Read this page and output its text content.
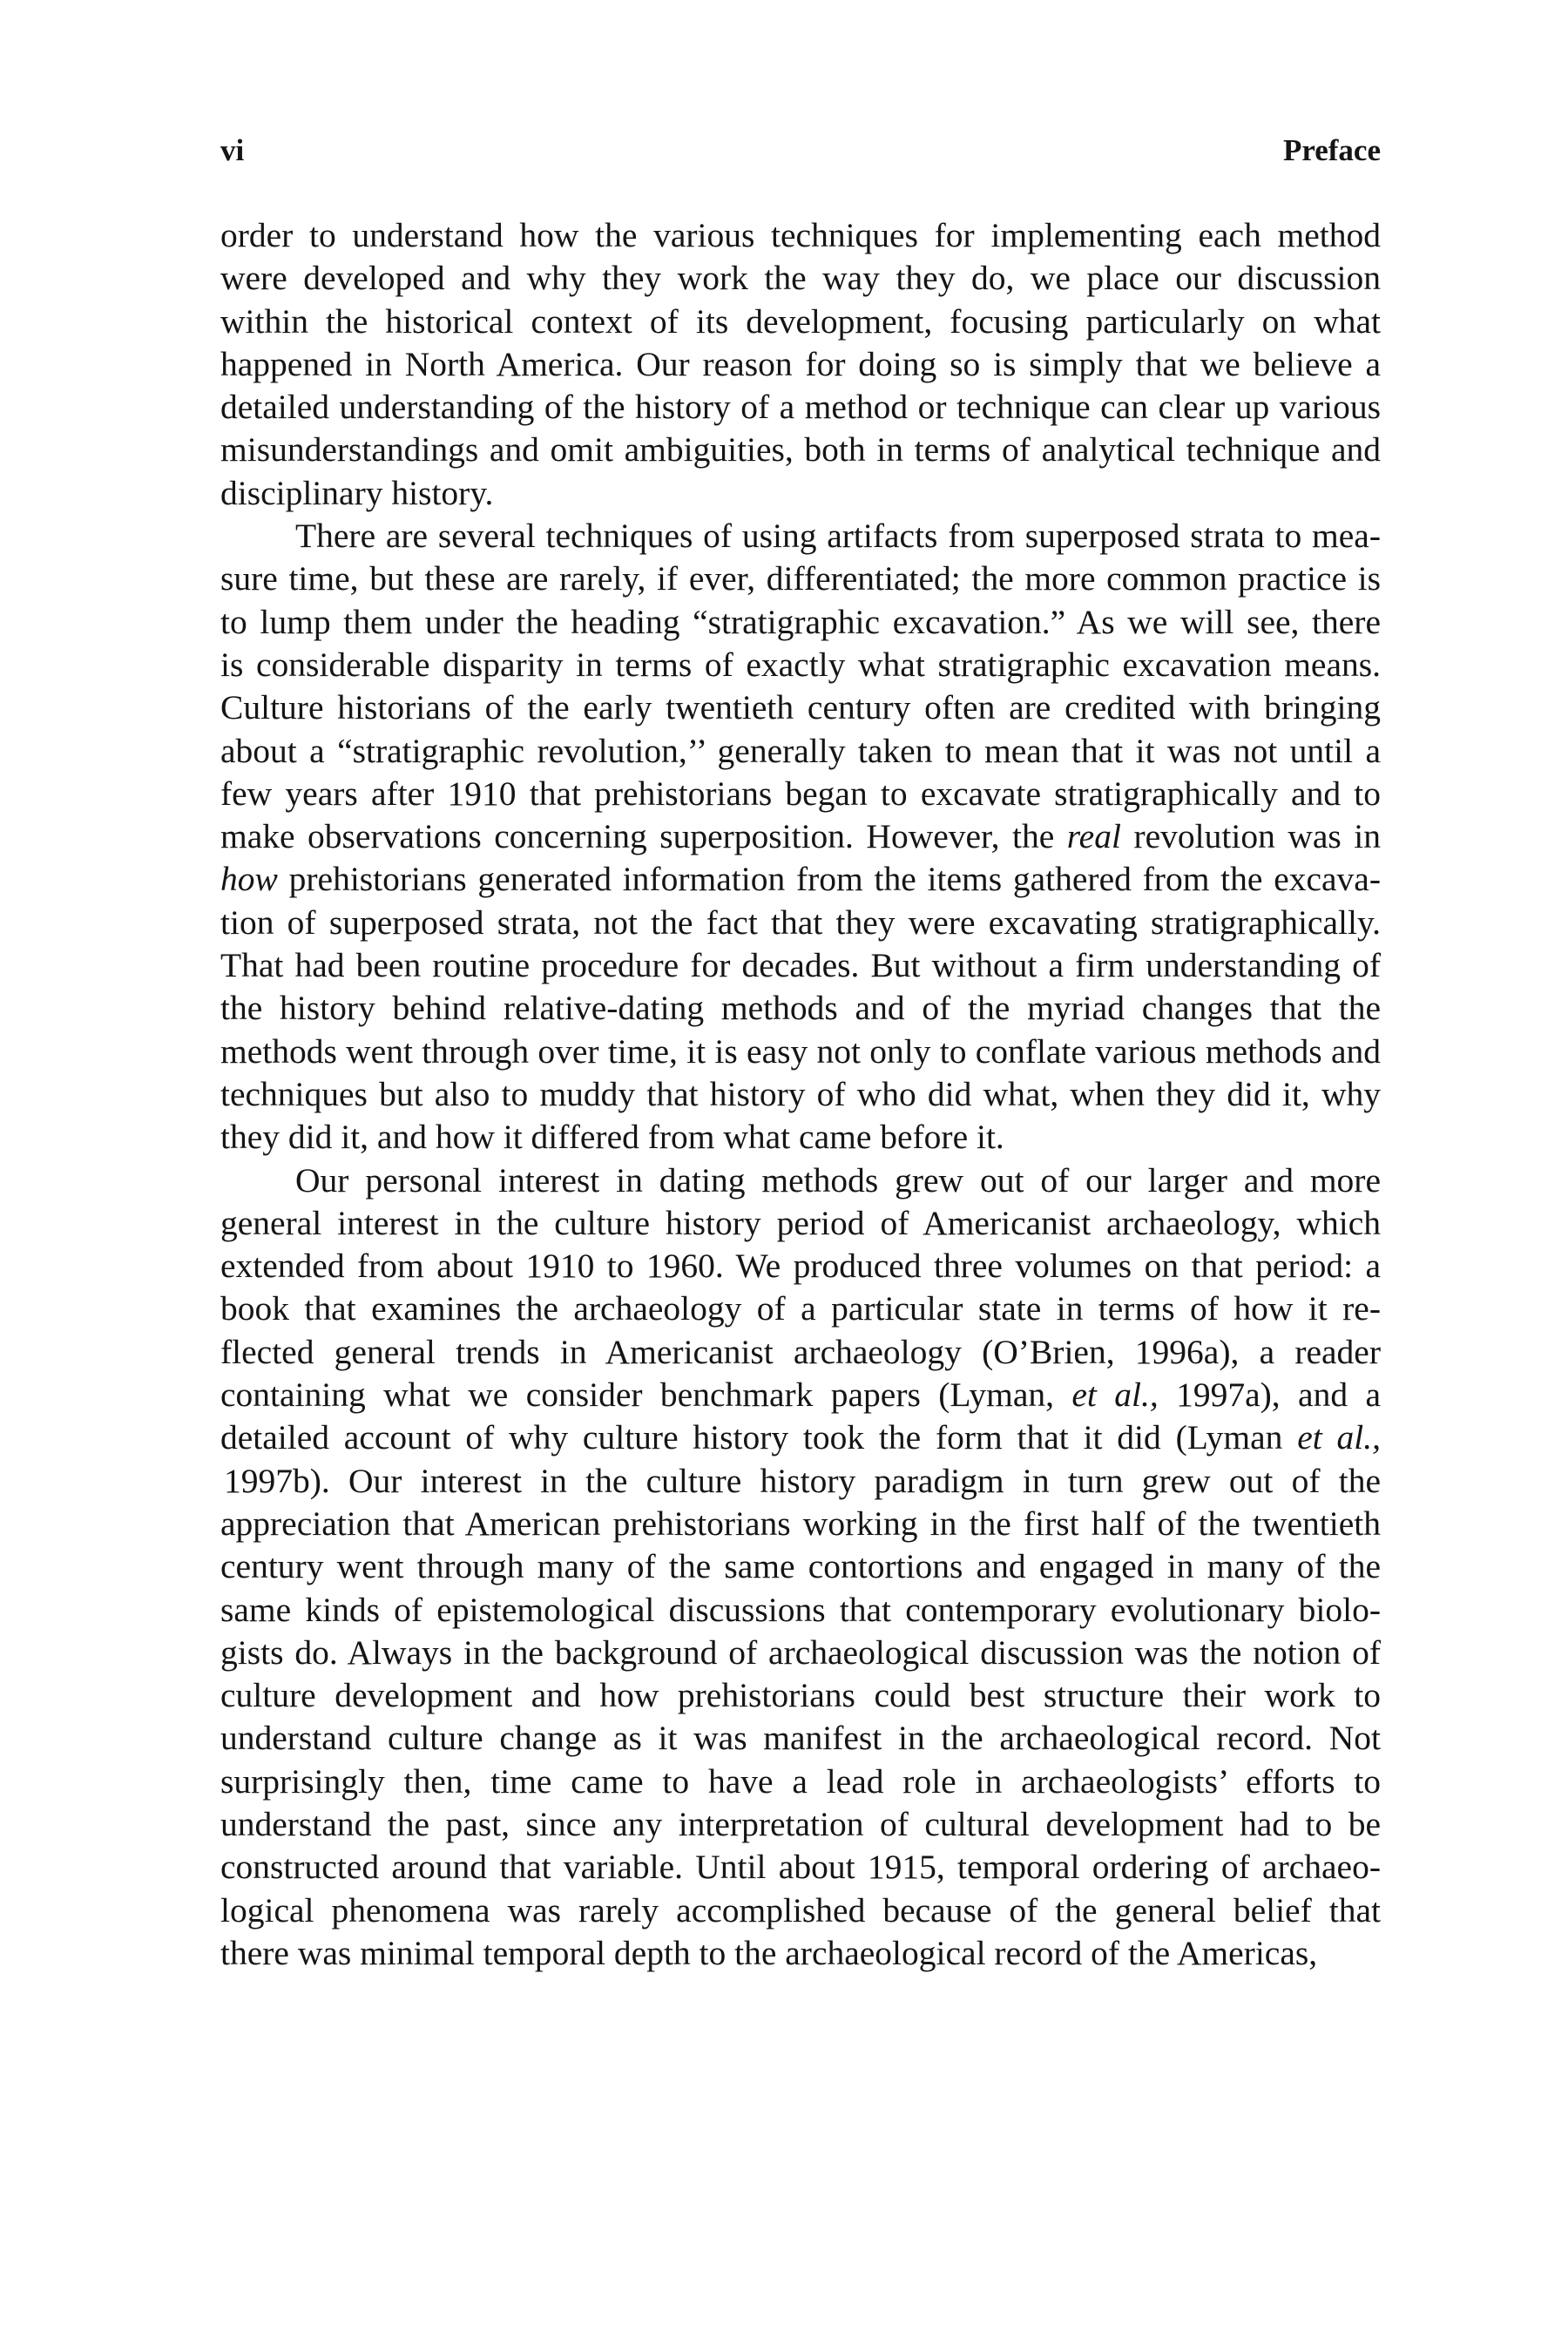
vi	Preface
order to understand how the various techniques for implementing each method
were developed and why they work the way they do, we place our discussion
within the historical context of its development, focusing particularly on what
happened in North America. Our reason for doing so is simply that we believe a
detailed understanding of the history of a method or technique can clear up various
misunderstandings and omit ambiguities, both in terms of analytical technique and
disciplinary history.
There are several techniques of using artifacts from superposed strata to mea-
sure time, but these are rarely, if ever, differentiated; the more common practice is
to lump them under the heading “stratigraphic excavation.” As we will see, there
is considerable disparity in terms of exactly what stratigraphic excavation means.
Culture historians of the early twentieth century often are credited with bringing
about a “stratigraphic revolution,’’ generally taken to mean that it was not until a
few years after 1910 that prehistorians began to excavate stratigraphically and to
make observations concerning superposition. However, the real revolution was in
how prehistorians generated information from the items gathered from the excava-
tion of superposed strata, not the fact that they were excavating stratigraphically.
That had been routine procedure for decades. But without a firm understanding of
the history behind relative-dating methods and of the myriad changes that the
methods went through over time, it is easy not only to conflate various methods and
techniques but also to muddy that history of who did what, when they did it, why
they did it, and how it differed from what came before it.
Our personal interest in dating methods grew out of our larger and more
general interest in the culture history period of Americanist archaeology, which
extended from about 1910 to 1960. We produced three volumes on that period: a
book that examines the archaeology of a particular state in terms of how it re-
flected general trends in Americanist archaeology (O’Brien, 1996a), a reader
containing what we consider benchmark papers (Lyman, et al., 1997a), and a
detailed account of why culture history took the form that it did (Lyman et al.,
1997b). Our interest in the culture history paradigm in turn grew out of the
appreciation that American prehistorians working in the first half of the twentieth
century went through many of the same contortions and engaged in many of the
same kinds of epistemological discussions that contemporary evolutionary biolo-
gists do. Always in the background of archaeological discussion was the notion of
culture development and how prehistorians could best structure their work to
understand culture change as it was manifest in the archaeological record. Not
surprisingly then, time came to have a lead role in archaeologists’ efforts to
understand the past, since any interpretation of cultural development had to be
constructed around that variable. Until about 1915, temporal ordering of archaeo-
logical phenomena was rarely accomplished because of the general belief that
there was minimal temporal depth to the archaeological record of the Americas,
